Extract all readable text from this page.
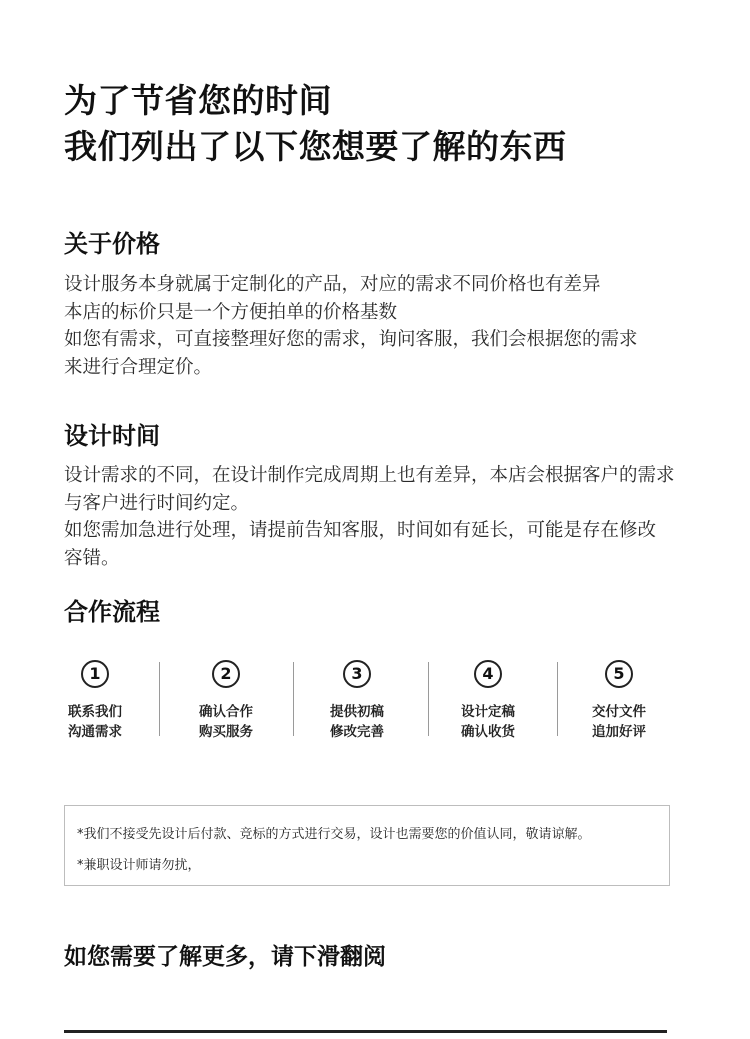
为了节省您的时间
我们列出了以下您想要了解的东西
关于价格
设计服务本身就属于定制化的产品，对应的需求不同价格也有差异
本店的标价只是一个方便拍单的价格基数
如您有需求，可直接整理好您的需求，询问客服，我们会根据您的需求
来进行合理定价。
设计时间
设计需求的不同，在设计制作完成周期上也有差异，本店会根据客户的需求
与客户进行时间约定。
如您需加急进行处理，请提前告知客服，时间如有延长，可能是存在修改
容错。
合作流程
1
联系我们
沟通需求
2
确认合作
购买服务
3
提供初稿
修改完善
4
设计定稿
确认收货
5
交付文件
追加好评
*我们不接受先设计后付款、竞标的方式进行交易，设计也需要您的价值认同，敬请谅解。
*兼职设计师请勿扰，
如您需要了解更多，请下滑翻阅
